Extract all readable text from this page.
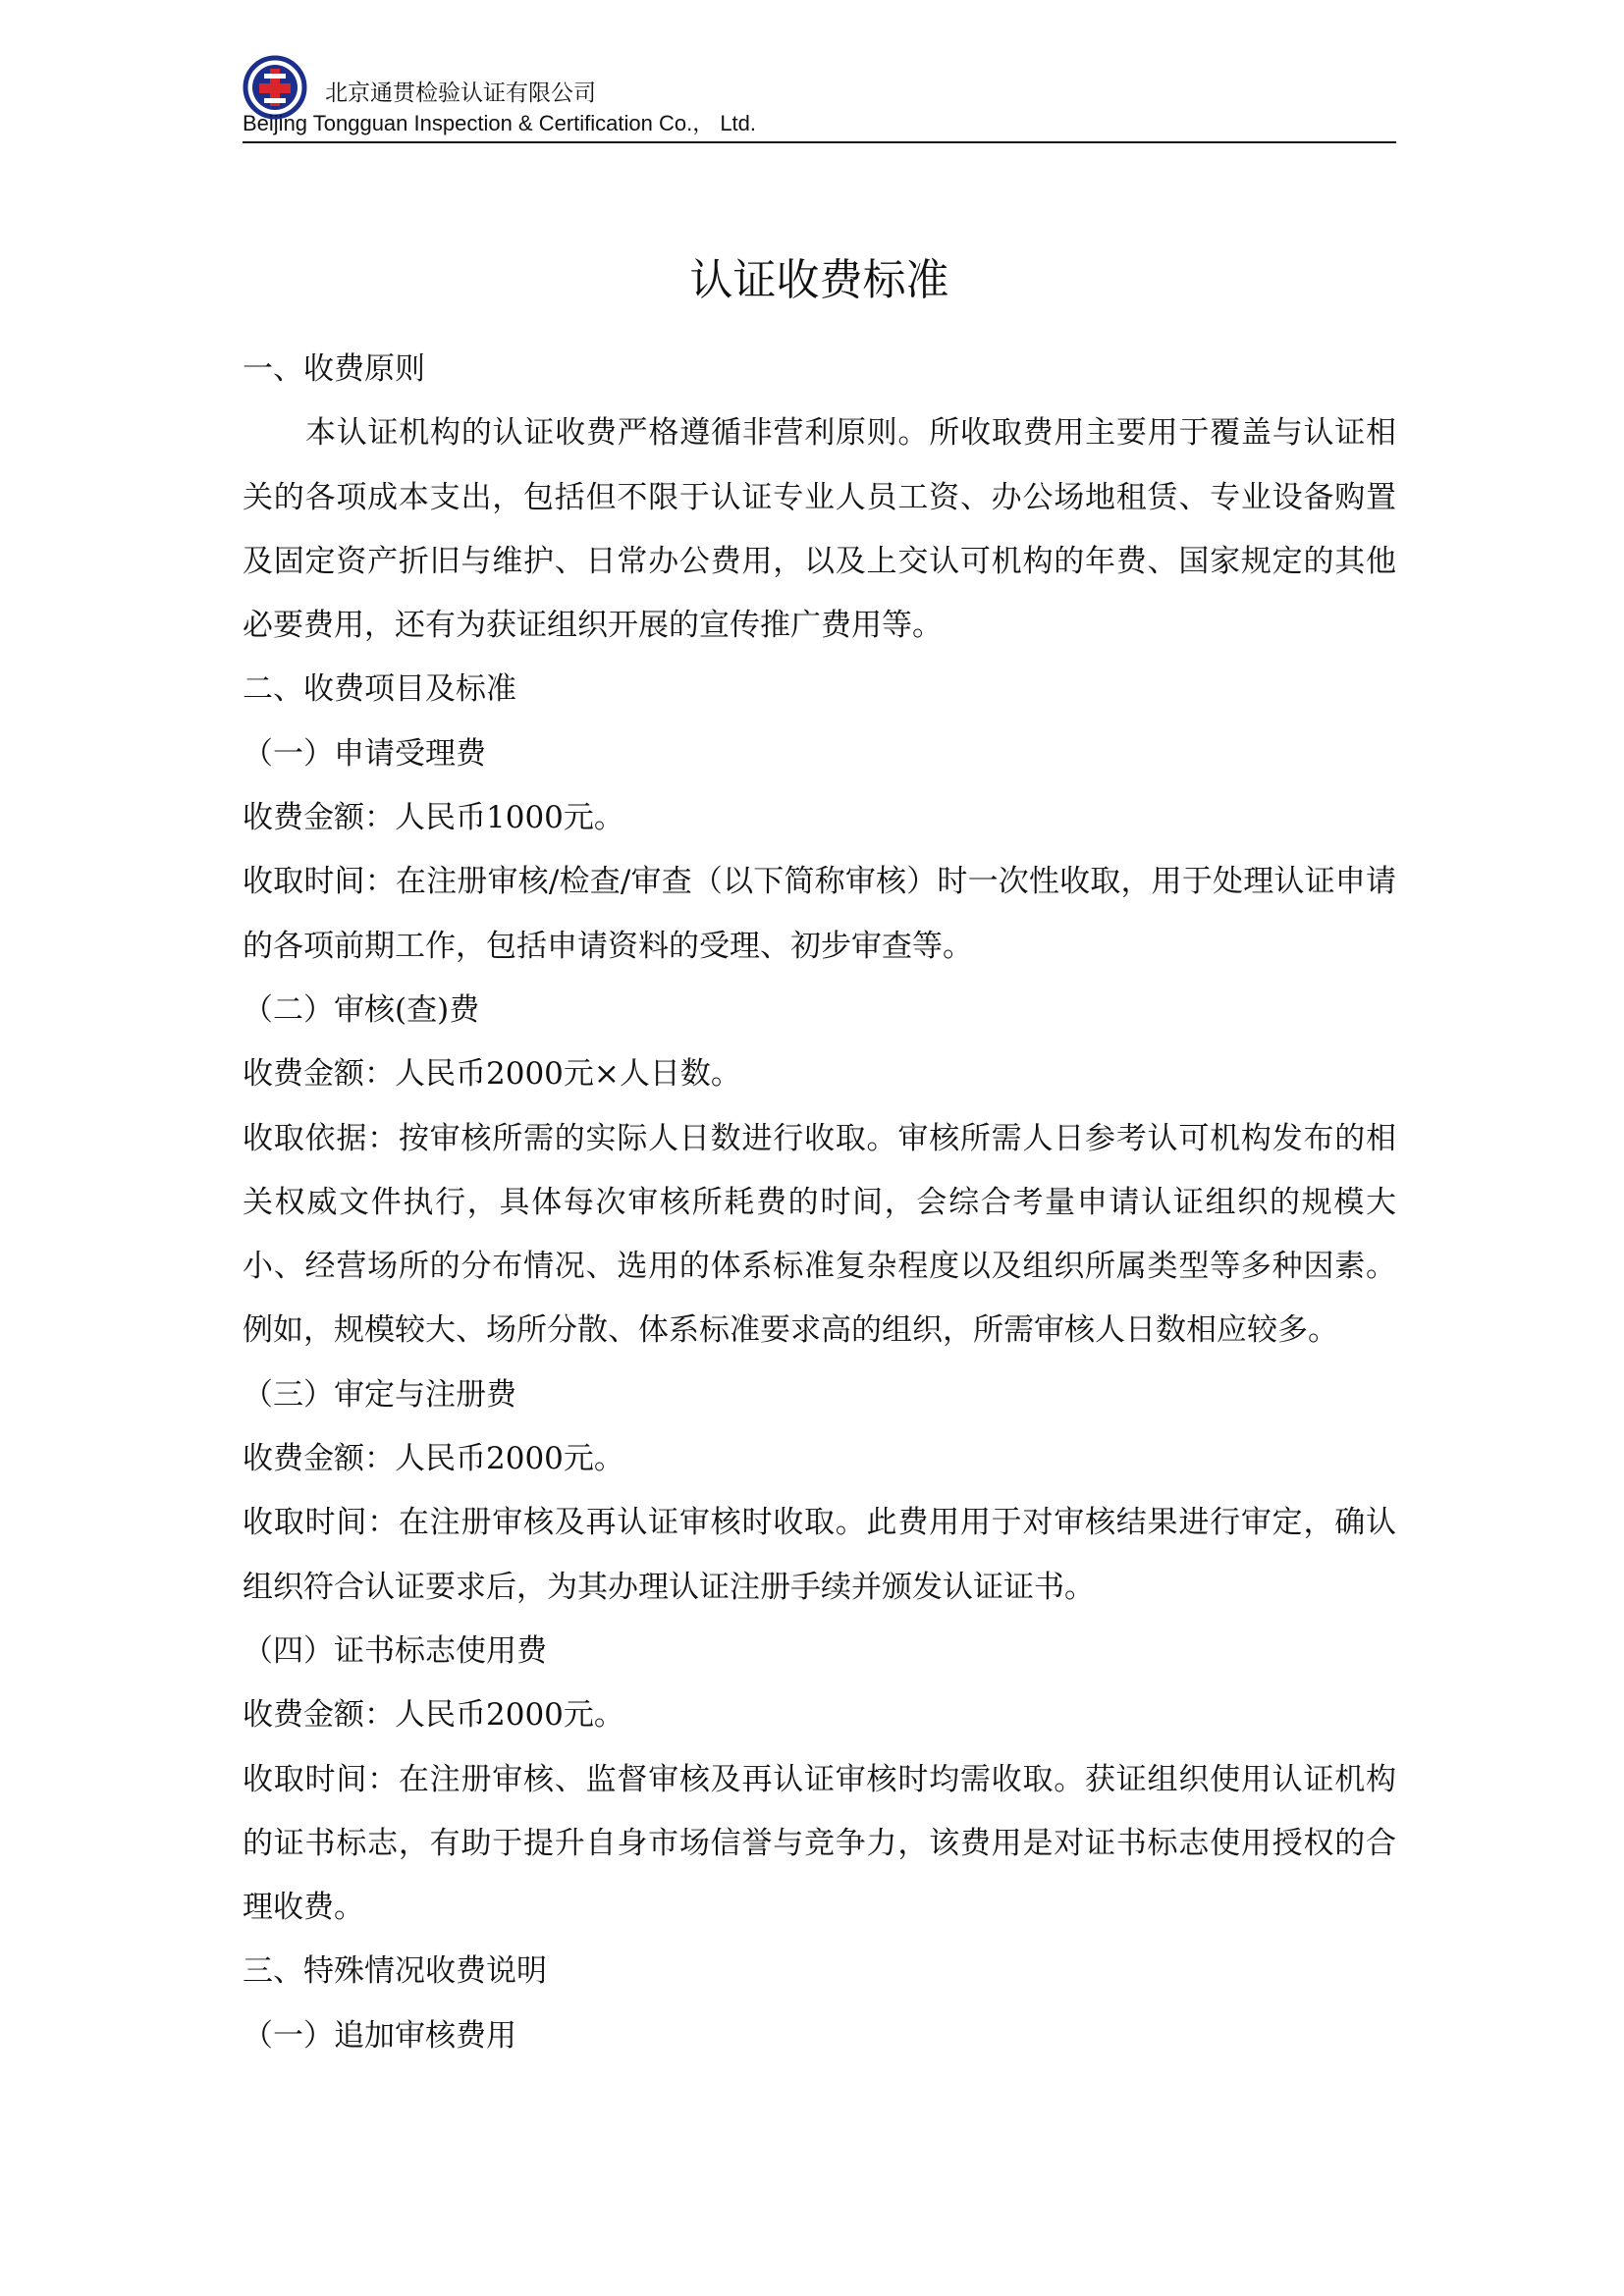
北京通贯检验认证有限公司
Beijing Tongguan Inspection & Certification Co.， Ltd.
认证收费标准

一、收费原则

本认证机构的认证收费严格遵循非营利原则。所收取费用主要用于覆盖与认证相关的各项成本支出，包括但不限于认证专业人员工资、办公场地租赁、专业设备购置及固定资产折旧与维护、日常办公费用，以及上交认可机构的年费、国家规定的其他必要费用，还有为获证组织开展的宣传推广费用等。

二、收费项目及标准

（一）申请受理费

收费金额：人民币1000元。

收取时间：在注册审核/检查/审查（以下简称审核）时一次性收取，用于处理认证申请的各项前期工作，包括申请资料的受理、初步审查等。

（二）审核(查)费

收费金额：人民币2000元×人日数。

收取依据：按审核所需的实际人日数进行收取。审核所需人日参考认可机构发布的相关权威文件执行，具体每次审核所耗费的时间，会综合考量申请认证组织的规模大小、经营场所的分布情况、选用的体系标准复杂程度以及组织所属类型等多种因素。例如，规模较大、场所分散、体系标准要求高的组织，所需审核人日数相应较多。

（三）审定与注册费

收费金额：人民币2000元。

收取时间：在注册审核及再认证审核时收取。此费用用于对审核结果进行审定，确认组织符合认证要求后，为其办理认证注册手续并颁发认证证书。

（四）证书标志使用费

收费金额：人民币2000元。

收取时间：在注册审核、监督审核及再认证审核时均需收取。获证组织使用认证机构的证书标志，有助于提升自身市场信誉与竞争力，该费用是对证书标志使用授权的合理收费。

三、特殊情况收费说明

（一）追加审核费用
